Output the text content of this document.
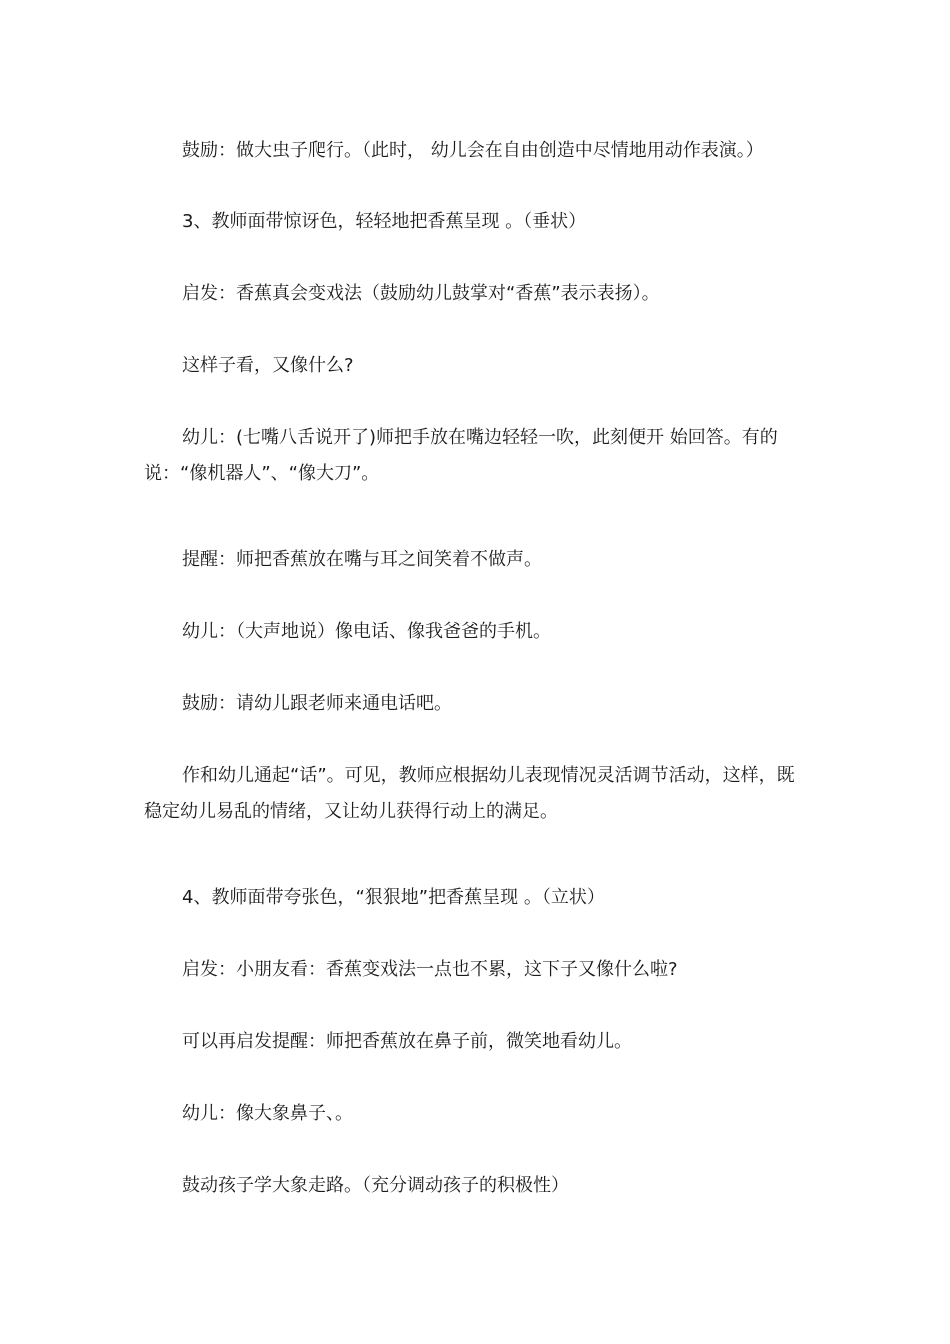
鼓励：做大虫子爬行。（此时， 幼儿会在自由创造中尽情地用动作表演。）

3、教师面带惊讶色，轻轻地把香蕉呈现 。（垂状）

启发：香蕉真会变戏法（鼓励幼儿鼓掌对“香蕉”表示表扬）。

这样子看，又像什么?

幼儿：(七嘴八舌说开了)师把手放在嘴边轻轻一吹，此刻便开 始回答。有的说：“像机器人”、“像大刀”。

提醒：师把香蕉放在嘴与耳之间笑着不做声。

幼儿：（大声地说）像电话、像我爸爸的手机。

鼓励：请幼儿跟老师来通电话吧。

作和幼儿通起“话”。可见，教师应根据幼儿表现情况灵活调节活动，这样，既稳定幼儿易乱的情绪，又让幼儿获得行动上的满足。

4、教师面带夸张色，“狠狠地”把香蕉呈现 。（立状）

启发：小朋友看：香蕉变戏法一点也不累，这下子又像什么啦?

可以再启发提醒：师把香蕉放在鼻子前，微笑地看幼儿。

幼儿：像大象鼻子、。

鼓动孩子学大象走路。（充分调动孩子的积极性）
